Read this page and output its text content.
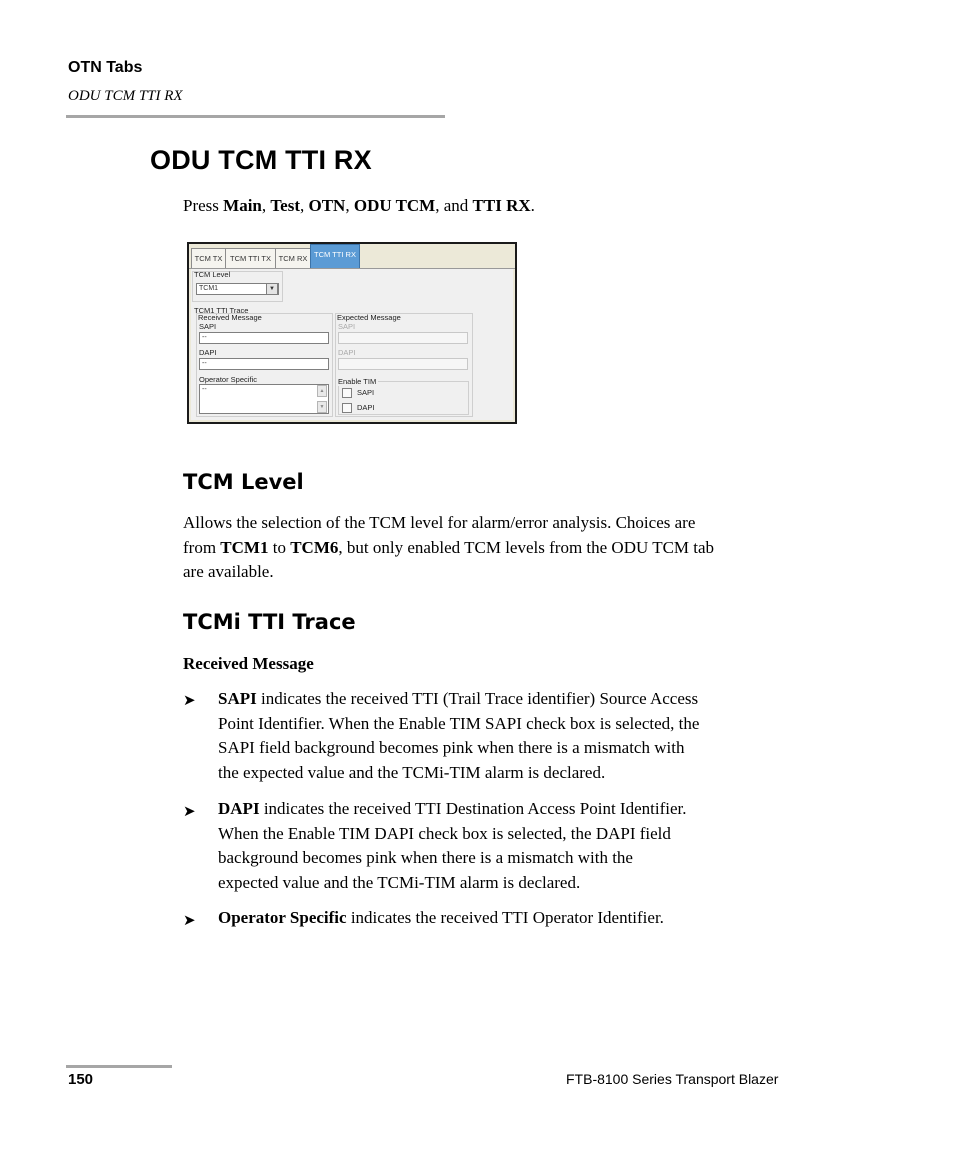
OTN Tabs
ODU TCM TTI RX
ODU TCM TTI RX
Press Main, Test, OTN, ODU TCM, and TTI RX.
TCM TX	TCM TTI TX	TCM RX TCM TTI RX
TCM Level
TCM1	▼
TCM1 TTI Trace
Received Message	Expected Message
SAPI
--
DAPI
--
Operator Specific
--	▲
▼
SAPI
DAPI
Enable TIM
SAPI
DAPI
TCM Level
Allows the selection of the TCM level for alarm/error analysis. Choices are
from TCM1 to TCM6, but only enabled TCM levels from the ODU TCM tab
are available.
TCMi TTI Trace
Received Message
➤ SAPI indicates the received TTI (Trail Trace identifier) Source Access
Point Identifier. When the Enable TIM SAPI check box is selected, the
SAPI field background becomes pink when there is a mismatch with
the expected value and the TCMi-TIM alarm is declared.
➤ DAPI indicates the received TTI Destination Access Point Identifier.
When the Enable TIM DAPI check box is selected, the DAPI field
background becomes pink when there is a mismatch with the
expected value and the TCMi-TIM alarm is declared.
➤ Operator Specific indicates the received TTI Operator Identifier.
150	FTB-8100 Series Transport Blazer
